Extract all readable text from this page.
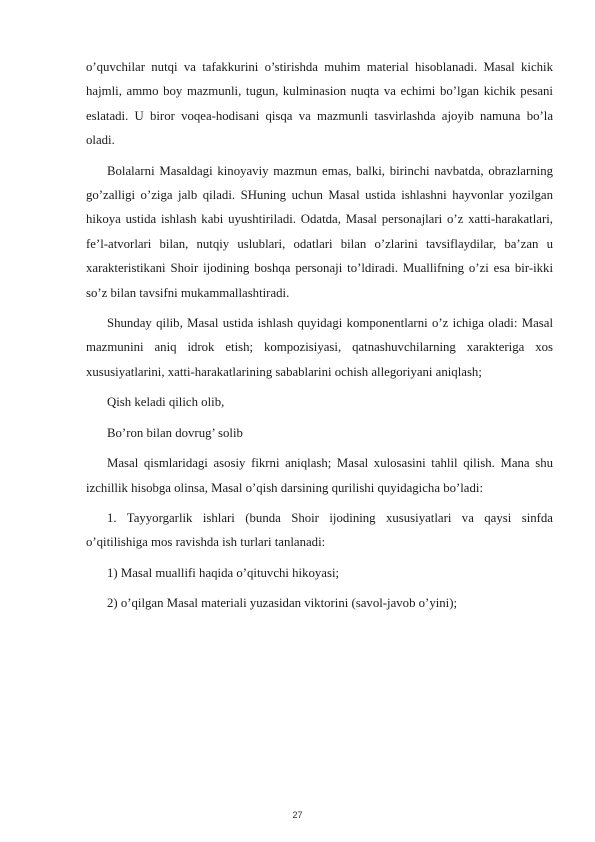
o’quvchilar nutqi va tafakkurini o’stirishda muhim material hisoblanadi. Masal kichik hajmli, ammo boy mazmunli, tugun, kulminasion nuqta va echimi bo’lgan kichik pesani eslatadi. U biror voqea-hodisani qisqa va mazmunli tasvirlashda ajoyib namuna bo’la oladi.

Bolalarni Masaldagi kinoyaviy mazmun emas, balki, birinchi navbatda, obrazlarning go’zalligi o’ziga jalb qiladi. SHuning uchun Masal ustida ishlashni hayvonlar yozilgan hikoya ustida ishlash kabi uyushtiriladi. Odatda, Masal personajlari o’z xatti-harakatlari, fe’l-atvorlari bilan, nutqiy uslublari, odatlari bilan o’zlarini tavsiflaydilar, ba’zan u xarakteristikani Shoir ijodining boshqa personaji to’ldiradi. Muallifning o’zi esa bir-ikki so’z bilan tavsifni mukammallashtiradi.

Shunday qilib, Masal ustida ishlash quyidagi komponentlarni o’z ichiga oladi: Masal mazmunini aniq idrok etish; kompozisiyasi, qatnashuvchilarning xarakteriga xos xususiyatlarini, xatti-harakatlarining sabablarini ochish allegoriyani aniqlash;

Qish keladi qilich olib,

Bo’ron bilan dovrug’ solib

Masal qismlaridagi asosiy fikrni aniqlash; Masal xulosasini tahlil qilish. Mana shu izchillik hisobga olinsa, Masal o’qish darsining qurilishi quyidagicha bo’ladi:

1. Tayyorgarlik ishlari (bunda Shoir ijodining xususiyatlari va qaysi sinfda o’qitilishiga mos ravishda ish turlari tanlanadi:

1) Masal muallifi haqida o’qituvchi hikoyasi;

2) o’qilgan Masal materiali yuzasidan viktorini (savol-javob o’yini);

27
